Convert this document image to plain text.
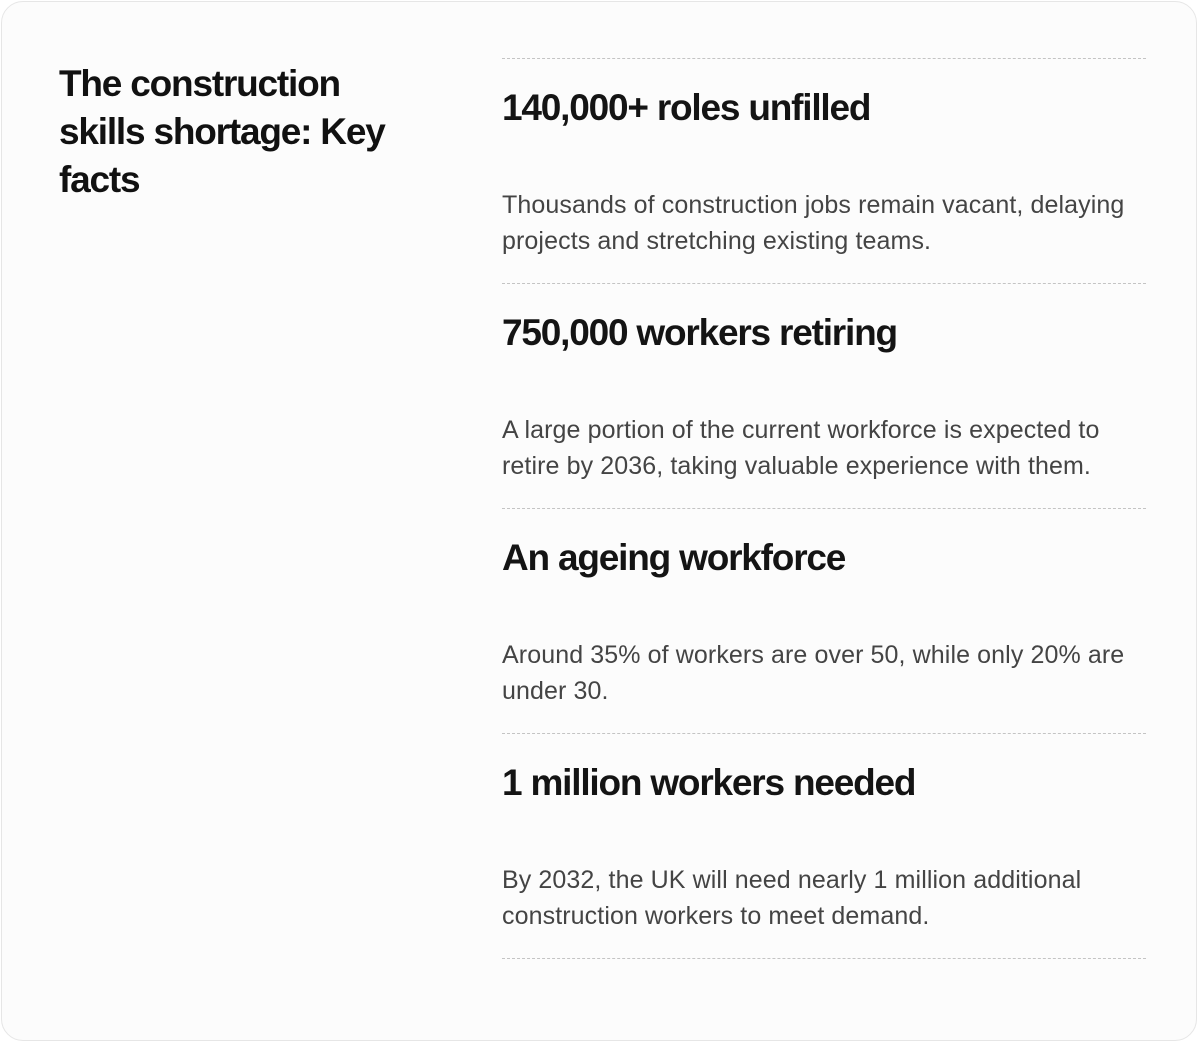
The construction skills shortage: Key facts
140,000+ roles unfilled

Thousands of construction jobs remain vacant, delaying projects and stretching existing teams.

750,000 workers retiring

A large portion of the current workforce is expected to retire by 2036, taking valuable experience with them.

An ageing workforce

Around 35% of workers are over 50, while only 20% are under 30.

1 million workers needed

By 2032, the UK will need nearly 1 million additional construction workers to meet demand.
